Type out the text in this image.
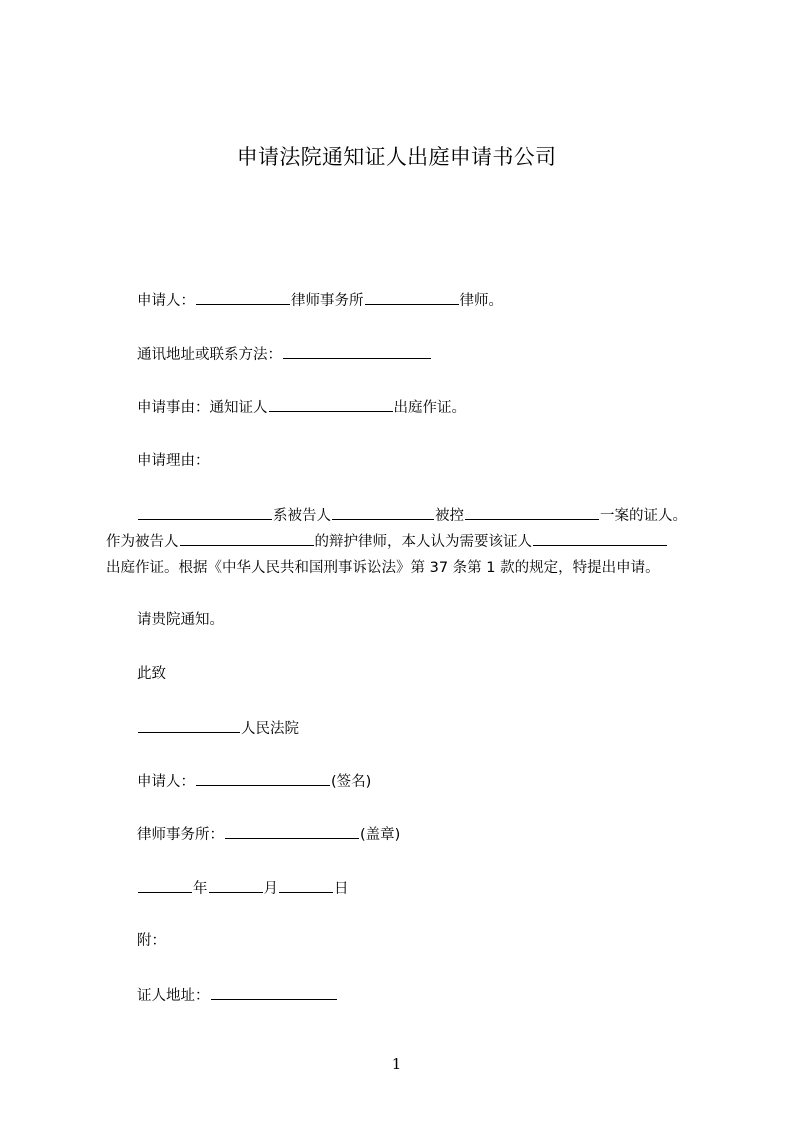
申请法院通知证人出庭申请书公司
申请人：	律师事务所	律师。
通讯地址或联系方法：
申请事由：通知证人	出庭作证。
申请理由：
系被告人	被控	一案的证人。
作为被告人	的辩护律师，本人认为需要该证人
出庭作证。根据《中华人民共和国刑事诉讼法》第 37 条第 1 款的规定，特提出申请。
请贵院通知。
此致
人民法院
申请人：	(签名)
律师事务所：	(盖章)
年	月	日
附：
证人地址：
1
